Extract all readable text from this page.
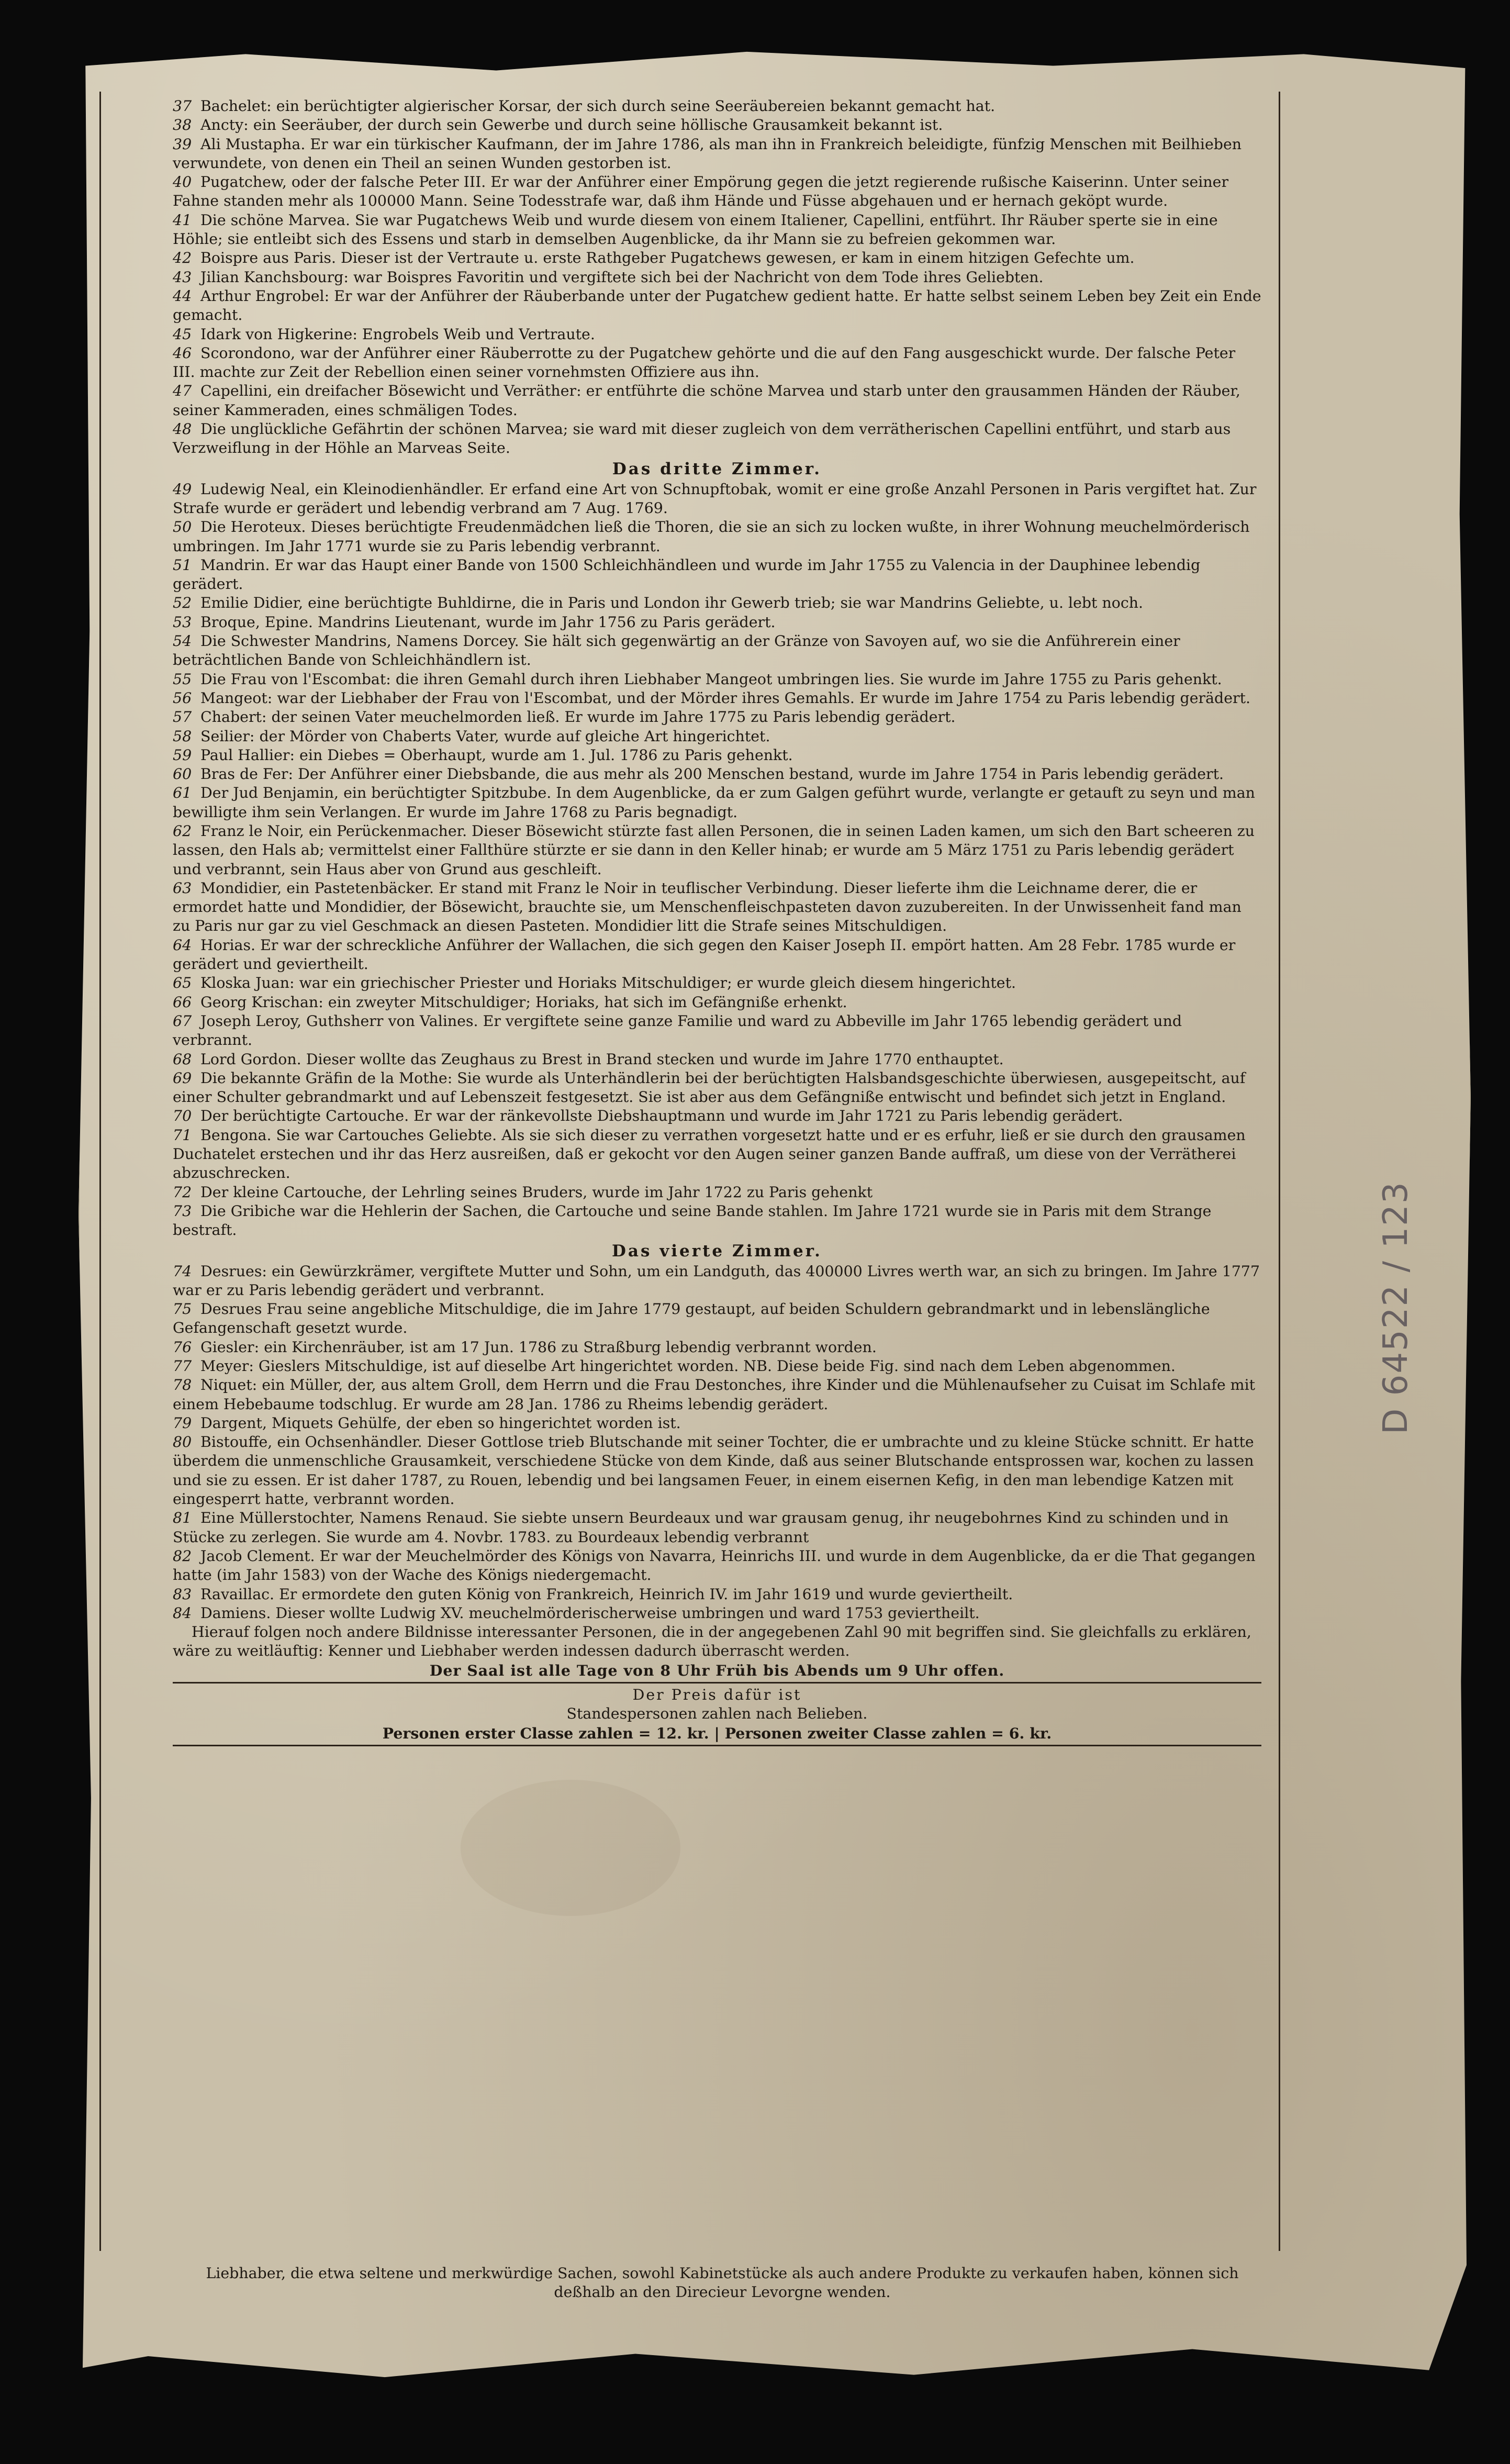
37 Bachelet: ein berüchtigter algierischer Korsar, der sich durch seine Seeräubereien bekannt gemacht hat.
38 Ancty: ein Seeräuber, der durch sein Gewerbe und durch seine höllische Grausamkeit bekannt ist.
39 Ali Mustapha. Er war ein türkischer Kaufmann, der im Jahre 1786, als man ihn in Frankreich beleidigte, fünfzig Menschen mit Beilhieben verwundete, von denen ein Theil an seinen Wunden gestorben ist.
40 Pugatchew, oder der falsche Peter III. Er war der Anführer einer Empörung gegen die jetzt regierende rußische Kaiserinn. Unter seiner Fahne standen mehr als 100000 Mann. Seine Todesstrafe war, daß ihm Hände und Füsse abgehauen und er hernach geköpt wurde.
41 Die schöne Marvea. Sie war Pugatchews Weib und wurde diesem von einem Italiener, Capellini, entführt. Ihr Räuber sperte sie in eine Höhle; sie entleibt sich des Essens und starb in demselben Augenblicke, da ihr Mann sie zu befreien gekommen war.
42 Boispre aus Paris. Dieser ist der Vertraute u. erste Rathgeber Pugatchews gewesen, er kam in einem hitzigen Gefechte um.
43 Jilian Kanchsbourg: war Boispres Favoritin und vergiftete sich bei der Nachricht von dem Tode ihres Geliebten.
44 Arthur Engrobel: Er war der Anführer der Räuberbande unter der Pugatchew gedient hatte. Er hatte selbst seinem Leben bey Zeit ein Ende gemacht.
45 Idark von Higkerine: Engrobels Weib und Vertraute.
46 Scorondono, war der Anführer einer Räuberrotte zu der Pugatchew gehörte und die auf den Fang ausgeschickt wurde. Der falsche Peter III. machte zur Zeit der Rebellion einen seiner vornehmsten Offiziere aus ihn.
47 Capellini, ein dreifacher Bösewicht und Verräther: er entführte die schöne Marvea und starb unter den grausammen Händen der Räuber, seiner Kammeraden, eines schmäligen Todes.
48 Die unglückliche Gefährtin der schönen Marvea; sie ward mit dieser zugleich von dem verrätherischen Capellini entführt, und starb aus Verzweiflung in der Höhle an Marveas Seite.
Das dritte Zimmer.
49 Ludewig Neal, ein Kleinodienhändler. Er erfand eine Art von Schnupftobak, womit er eine große Anzahl Personen in Paris vergiftet hat. Zur Strafe wurde er gerädert und lebendig verbrand am 7 Aug. 1769.
50 Die Heroteux. Dieses berüchtigte Freudenmädchen ließ die Thoren, die sie an sich zu locken wußte, in ihrer Wohnung meuchelmörderisch umbringen. Im Jahr 1771 wurde sie zu Paris lebendig verbrannt.
51 Mandrin. Er war das Haupt einer Bande von 1500 Schleichhändleen und wurde im Jahr 1755 zu Valencia in der Dauphinee lebendig gerädert.
52 Emilie Didier, eine berüchtigte Buhldirne, die in Paris und London ihr Gewerb trieb; sie war Mandrins Geliebte, u. lebt noch.
53 Broque, Epine. Mandrins Lieutenant, wurde im Jahr 1756 zu Paris gerädert.
54 Die Schwester Mandrins, Namens Dorcey. Sie hält sich gegenwärtig an der Gränze von Savoyen auf, wo sie die Anführerein einer beträchtlichen Bande von Schleichhändlern ist.
55 Die Frau von l'Escombat: die ihren Gemahl durch ihren Liebhaber Mangeot umbringen lies. Sie wurde im Jahre 1755 zu Paris gehenkt.
56 Mangeot: war der Liebhaber der Frau von l'Escombat, und der Mörder ihres Gemahls. Er wurde im Jahre 1754 zu Paris lebendig gerädert.
57 Chabert: der seinen Vater meuchelmorden ließ. Er wurde im Jahre 1775 zu Paris lebendig gerädert.
58 Seilier: der Mörder von Chaberts Vater, wurde auf gleiche Art hingerichtet.
59 Paul Hallier: ein Diebes = Oberhaupt, wurde am 1. Jul. 1786 zu Paris gehenkt.
60 Bras de Fer: Der Anführer einer Diebsbande, die aus mehr als 200 Menschen bestand, wurde im Jahre 1754 in Paris lebendig gerädert.
61 Der Jud Benjamin, ein berüchtigter Spitzbube. In dem Augenblicke, da er zum Galgen geführt wurde, verlangte er getauft zu seyn und man bewilligte ihm sein Verlangen. Er wurde im Jahre 1768 zu Paris begnadigt.
62 Franz le Noir, ein Perückenmacher. Dieser Bösewicht stürzte fast allen Personen, die in seinen Laden kamen, um sich den Bart scheeren zu lassen, den Hals ab; vermittelst einer Fallthüre stürzte er sie dann in den Keller hinab; er wurde am 5 März 1751 zu Paris lebendig gerädert und verbrannt, sein Haus aber von Grund aus geschleift.
63 Mondidier, ein Pastetenbäcker. Er stand mit Franz le Noir in teuflischer Verbindung. Dieser lieferte ihm die Leichname derer, die er ermordet hatte und Mondidier, der Bösewicht, brauchte sie, um Menschenfleischpasteten davon zuzubereiten. In der Unwissenheit fand man zu Paris nur gar zu viel Geschmack an diesen Pasteten. Mondidier litt die Strafe seines Mitschuldigen.
64 Horias. Er war der schreckliche Anführer der Wallachen, die sich gegen den Kaiser Joseph II. empört hatten. Am 28 Febr. 1785 wurde er gerädert und geviertheilt.
65 Kloska Juan: war ein griechischer Priester und Horiaks Mitschuldiger; er wurde gleich diesem hingerichtet.
66 Georg Krischan: ein zweyter Mitschuldiger; Horiaks, hat sich im Gefängniße erhenkt.
67 Joseph Leroy, Guthsherr von Valines. Er vergiftete seine ganze Familie und ward zu Abbeville im Jahr 1765 lebendig gerädert und verbrannt.
68 Lord Gordon. Dieser wollte das Zeughaus zu Brest in Brand stecken und wurde im Jahre 1770 enthauptet.
69 Die bekannte Gräfin de la Mothe: Sie wurde als Unterhändlerin bei der berüchtigten Halsbandsgeschichte überwiesen, ausgepeitscht, auf einer Schulter gebrandmarkt und auf Lebenszeit festgesetzt. Sie ist aber aus dem Gefängniße entwischt und befindet sich jetzt in England.
70 Der berüchtigte Cartouche. Er war der ränkevollste Diebshauptmann und wurde im Jahr 1721 zu Paris lebendig gerädert.
71 Bengona. Sie war Cartouches Geliebte. Als sie sich dieser zu verrathen vorgesetzt hatte und er es erfuhr, ließ er sie durch den grausamen Duchatelet erstechen und ihr das Herz ausreißen, daß er gekocht vor den Augen seiner ganzen Bande auffraß, um diese von der Verrätherei abzuschrecken.
72 Der kleine Cartouche, der Lehrling seines Bruders, wurde im Jahr 1722 zu Paris gehenkt
73 Die Gribiche war die Hehlerin der Sachen, die Cartouche und seine Bande stahlen. Im Jahre 1721 wurde sie in Paris mit dem Strange bestraft.
Das vierte Zimmer.
74 Desrues: ein Gewürzkrämer, vergiftete Mutter und Sohn, um ein Landguth, das 400000 Livres werth war, an sich zu bringen. Im Jahre 1777 war er zu Paris lebendig gerädert und verbrannt.
75 Desrues Frau seine angebliche Mitschuldige, die im Jahre 1779 gestaupt, auf beiden Schuldern gebrandmarkt und in lebenslängliche Gefangenschaft gesetzt wurde.
76 Giesler: ein Kirchenräuber, ist am 17 Jun. 1786 zu Straßburg lebendig verbrannt worden.
77 Meyer: Gieslers Mitschuldige, ist auf dieselbe Art hingerichtet worden. NB. Diese beide Fig. sind nach dem Leben abgenommen.
78 Niquet: ein Müller, der, aus altem Groll, dem Herrn und die Frau Destonches, ihre Kinder und die Mühlenaufseher zu Cuisat im Schlafe mit einem Hebebaume todschlug. Er wurde am 28 Jan. 1786 zu Rheims lebendig gerädert.
79 Dargent, Miquets Gehülfe, der eben so hingerichtet worden ist.
80 Bistouffe, ein Ochsenhändler. Dieser Gottlose trieb Blutschande mit seiner Tochter, die er umbrachte und zu kleine Stücke schnitt. Er hatte überdem die unmenschliche Grausamkeit, verschiedene Stücke von dem Kinde, daß aus seiner Blutschande entsprossen war, kochen zu lassen und sie zu essen. Er ist daher 1787, zu Rouen, lebendig und bei langsamen Feuer, in einem eisernen Kefig, in den man lebendige Katzen mit eingesperrt hatte, verbrannt worden.
81 Eine Müllerstochter, Namens Renaud. Sie siebte unsern Beurdeaux und war grausam genug, ihr neugebohrnes Kind zu schinden und in Stücke zu zerlegen. Sie wurde am 4. Novbr. 1783. zu Bourdeaux lebendig verbrannt
82 Jacob Clement. Er war der Meuchelmörder des Königs von Navarra, Heinrichs III. und wurde in dem Augenblicke, da er die That gegangen hatte (im Jahr 1583) von der Wache des Königs niedergemacht.
83 Ravaillac. Er ermordete den guten König von Frankreich, Heinrich IV. im Jahr 1619 und wurde geviertheilt.
84 Damiens. Dieser wollte Ludwig XV. meuchelmörderischerweise umbringen und ward 1753 geviertheilt.
Hierauf folgen noch andere Bildnisse interessanter Personen, die in der angegebenen Zahl 90 mit begriffen sind. Sie gleichfalls zu erklären, wäre zu weitläuftig: Kenner und Liebhaber werden indessen dadurch überrascht werden.
Der Saal ist alle Tage von 8 Uhr Früh bis Abends um 9 Uhr offen.
Der Preis dafür ist
Standespersonen zahlen nach Belieben.
Personen erster Classe zahlen = 12. kr. | Personen zweiter Classe zahlen = 6. kr.
Liebhaber, die etwa seltene und merkwürdige Sachen, sowohl Kabinetstücke als auch andere Produkte zu verkaufen haben, können sich deßhalb an den Direcieur Levorgne wenden.
D 64522 / 123
